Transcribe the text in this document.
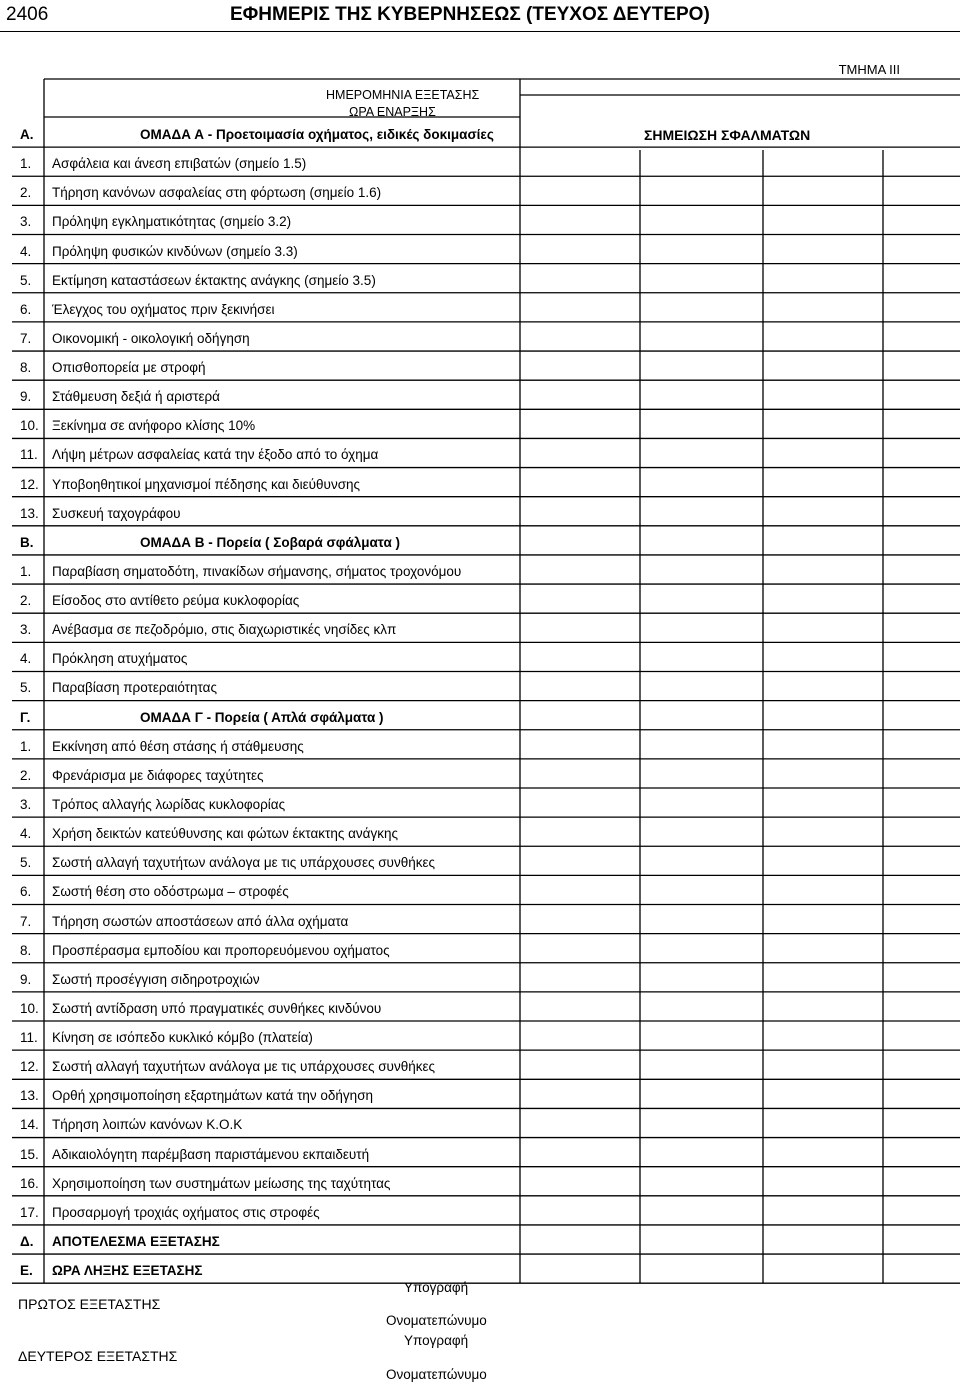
2406	ΕΦΗΜΕΡΙΣ ΤΗΣ ΚΥΒΕΡΝΗΣΕΩΣ (ΤΕΥΧΟΣ ΔΕΥΤΕΡΟ)
ΤΜΗΜΑ III
ΗΜΕΡΟΜΗΝΙΑ ΕΞΕΤΑΣΗΣ
ΩΡΑ ΕΝΑΡΞΗΣ
ΣΗΜΕΙΩΣΗ ΣΦΑΛΜΑΤΩΝ
Α.	ΟΜΑΔΑ Α - Προετοιμασία οχήματος, ειδικές δοκιμασίες
1. Ασφάλεια και άνεση επιβατών (σημείο 1.5)
2. Τήρηση κανόνων ασφαλείας στη φόρτωση (σημείο 1.6)
3. Πρόληψη εγκληματικότητας (σημείο 3.2)
4. Πρόληψη φυσικών κινδύνων (σημείο 3.3)
5. Εκτίμηση καταστάσεων έκτακτης ανάγκης (σημείο 3.5)
6. Έλεγχος του οχήματος πριν ξεκινήσει
7. Οικονομική - οικολογική οδήγηση
8. Οπισθοπορεία με στροφή
9. Στάθμευση δεξιά ή αριστερά
10. Ξεκίνημα σε ανήφορο κλίσης 10%
11. Λήψη μέτρων ασφαλείας κατά την έξοδο από το όχημα
12. Υποβοηθητικοί μηχανισμοί πέδησης και διεύθυνσης
13. Συσκευή ταχογράφου
Β.	ΟΜΑΔΑ Β - Πορεία ( Σοβαρά σφάλματα )
1. Παραβίαση σηματοδότη, πινακίδων σήμανσης, σήματος τροχονόμου
2. Είσοδος στο αντίθετο ρεύμα κυκλοφορίας
3. Ανέβασμα σε πεζοδρόμιο, στις διαχωριστικές νησίδες κλπ
4. Πρόκληση ατυχήματος
5. Παραβίαση προτεραιότητας
Γ.	ΟΜΑΔΑ Γ - Πορεία ( Απλά σφάλματα )
1. Εκκίνηση από θέση στάσης ή στάθμευσης
2. Φρενάρισμα με διάφορες ταχύτητες
3. Τρόπος αλλαγής λωρίδας κυκλοφορίας
4. Χρήση δεικτών κατεύθυνσης και φώτων έκτακτης ανάγκης
5. Σωστή αλλαγή ταχυτήτων ανάλογα με τις υπάρχουσες συνθήκες
6. Σωστή θέση στο οδόστρωμα – στροφές
7. Τήρηση σωστών αποστάσεων από άλλα οχήματα
8. Προσπέρασμα εμποδίου και προπορευόμενου οχήματος
9. Σωστή προσέγγιση σιδηροτροχιών
10. Σωστή αντίδραση υπό πραγματικές συνθήκες κινδύνου
11. Κίνηση σε ισόπεδο κυκλικό κόμβο (πλατεία)
12. Σωστή αλλαγή ταχυτήτων ανάλογα με τις υπάρχουσες συνθήκες
13. Ορθή χρησιμοποίηση εξαρτημάτων κατά την οδήγηση
14. Τήρηση λοιπών κανόνων Κ.Ο.Κ
15. Αδικαιολόγητη παρέμβαση παριστάμενου εκπαιδευτή
16. Χρησιμοποίηση των συστημάτων μείωσης της ταχύτητας
17. Προσαρμογή τροχιάς οχήματος στις στροφές
Δ. ΑΠΟΤΕΛΕΣΜΑ ΕΞΕΤΑΣΗΣ
Ε. ΩΡΑ ΛΗΞΗΣ ΕΞΕΤΑΣΗΣ
ΠΡΩΤΟΣ ΕΞΕΤΑΣΤΗΣ
Υπογραφή
Ονοματεπώνυμο
ΔΕΥΤΕΡΟΣ ΕΞΕΤΑΣΤΗΣ
Υπογραφή
Ονοματεπώνυμο
